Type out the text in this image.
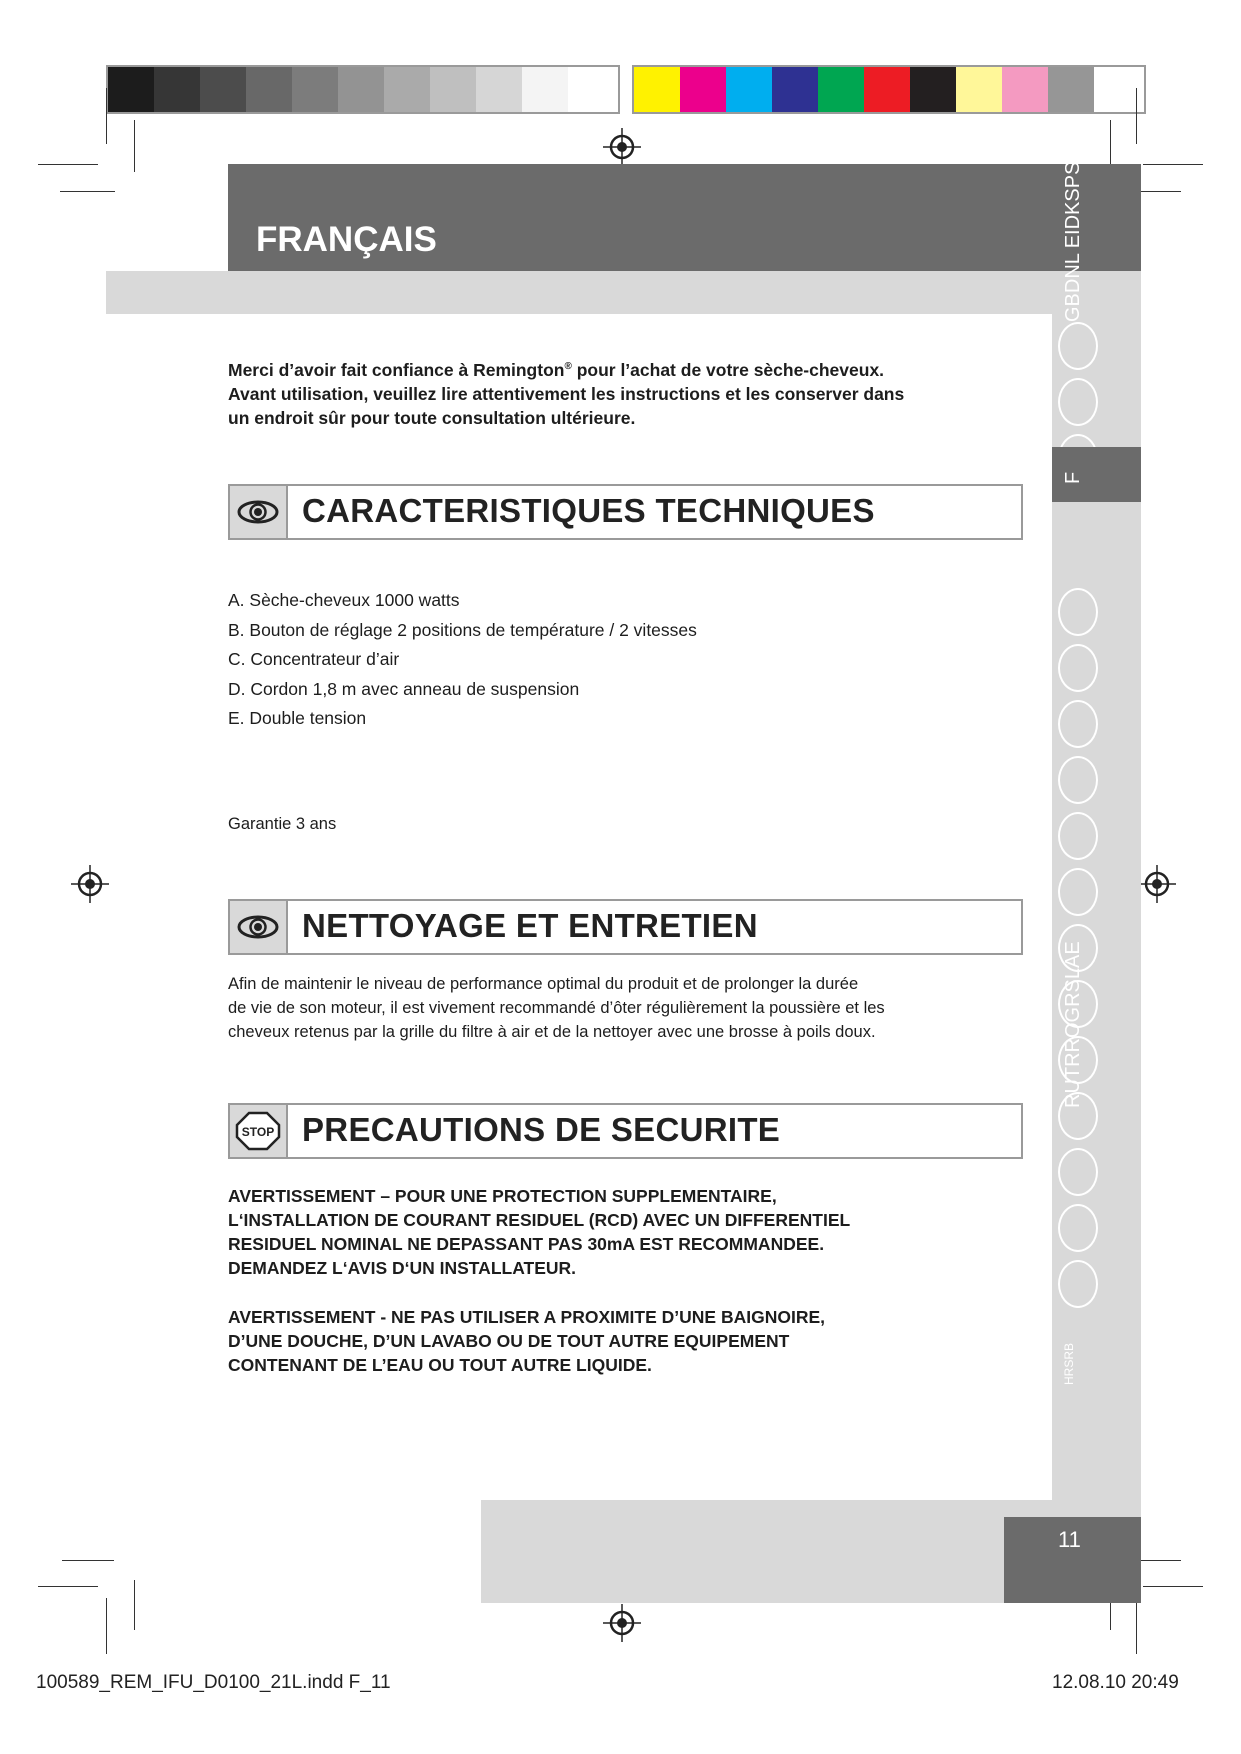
FRANÇAIS	GBDNL EIDKSPSKCZ
F
RUTRROGRSLAE
HRSRB

Merci d’avoir fait confiance à Remington® pour l’achat de votre sèche-cheveux.
Avant utilisation, veuillez lire attentivement les instructions et les conserver dans
un endroit sûr pour toute consultation ultérieure.

CARACTERISTIQUES TECHNIQUES
A. Sèche-cheveux 1000 watts
B. Bouton de réglage 2 positions de température / 2 vitesses
C. Concentrateur d’air
D. Cordon 1,8 m avec anneau de suspension
E. Double tension

Garantie 3 ans

NETTOYAGE ET ENTRETIEN

Afin de maintenir le niveau de performance optimal du produit et de prolonger la durée
de vie de son moteur, il est vivement recommandé d’ôter régulièrement la poussière et les
cheveux retenus par la grille du filtre à air et de la nettoyer avec une brosse à poils doux.

STOP PRECAUTIONS DE SECURITE

AVERTISSEMENT – POUR UNE PROTECTION SUPPLEMENTAIRE,
L‘INSTALLATION DE COURANT RESIDUEL (RCD) AVEC UN DIFFERENTIEL
RESIDUEL NOMINAL NE DEPASSANT PAS 30mA EST RECOMMANDEE.
DEMANDEZ L‘AVIS D‘UN INSTALLATEUR.

AVERTISSEMENT - NE PAS UTILISER A PROXIMITE D’UNE BAIGNOIRE,
D’UNE DOUCHE, D’UN LAVABO OU DE TOUT AUTRE EQUIPEMENT
CONTENANT DE L’EAU OU TOUT AUTRE LIQUIDE.

11
100589_REM_IFU_D0100_21L.indd F_11	12.08.10 20:49
